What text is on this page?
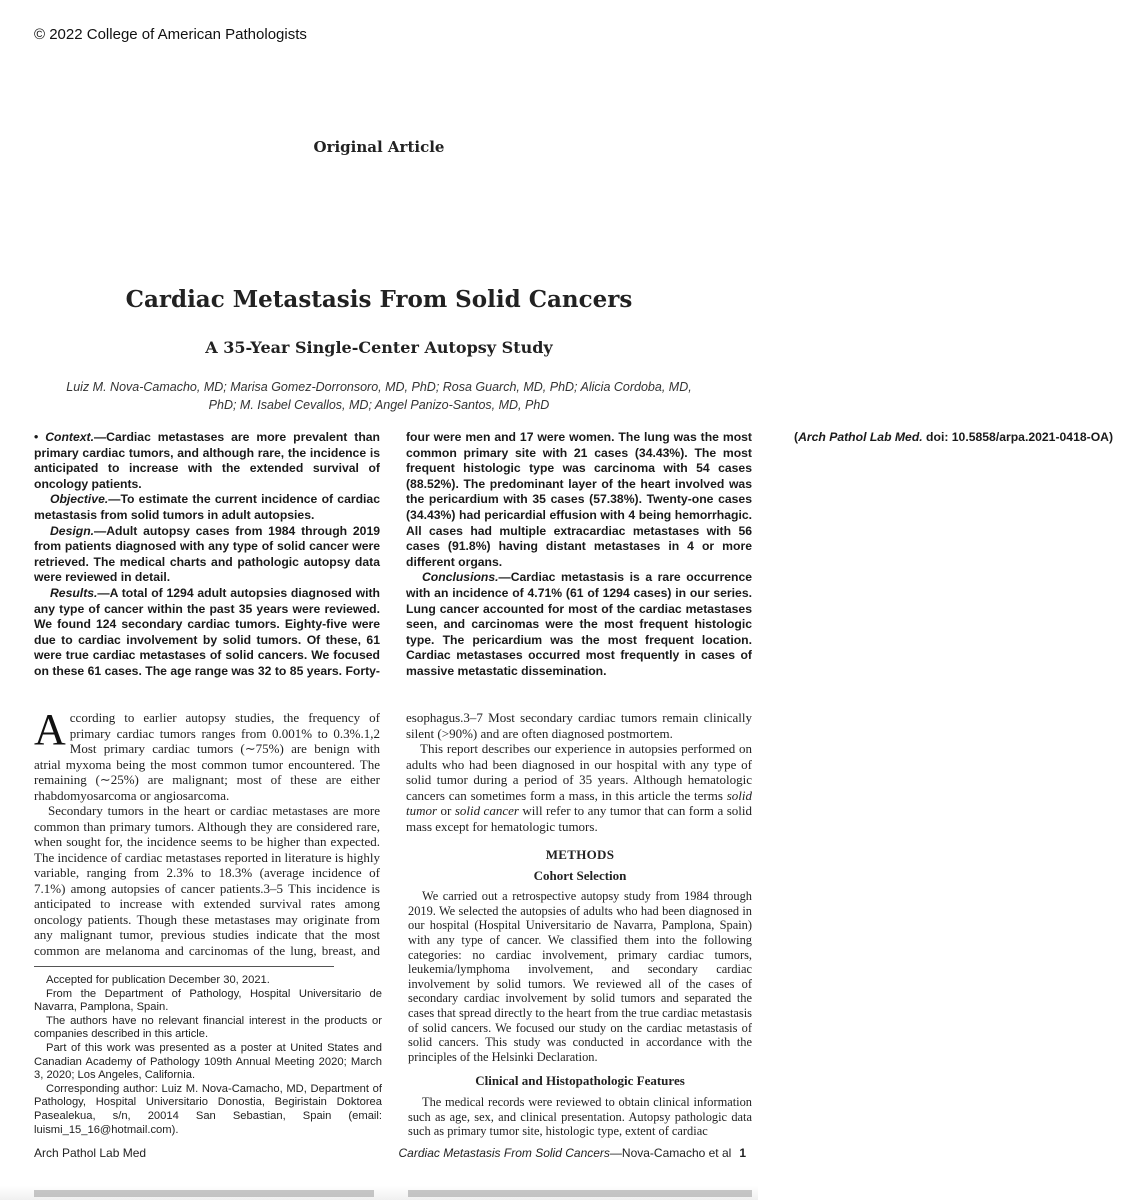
© 2022 College of American Pathologists
Original Article
Cardiac Metastasis From Solid Cancers
A 35-Year Single-Center Autopsy Study
Luiz M. Nova-Camacho, MD; Marisa Gomez-Dorronsoro, MD, PhD; Rosa Guarch, MD, PhD; Alicia Cordoba, MD, PhD; M. Isabel Cevallos, MD; Angel Panizo-Santos, MD, PhD

• Context.—Cardiac metastases are more prevalent than primary cardiac tumors, and although rare, the incidence is anticipated to increase with the extended survival of oncology patients.

Objective.—To estimate the current incidence of cardiac metastasis from solid tumors in adult autopsies.

Design.—Adult autopsy cases from 1984 through 2019 from patients diagnosed with any type of solid cancer were retrieved. The medical charts and pathologic autopsy data were reviewed in detail.

Results.—A total of 1294 adult autopsies diagnosed with any type of cancer within the past 35 years were reviewed. We found 124 secondary cardiac tumors. Eighty-five were due to cardiac involvement by solid tumors. Of these, 61 were true cardiac metastases of solid cancers. We focused on these 61 cases. The age range was 32 to 85 years. Forty-four were men and 17 were women. The lung was the most common primary site with 21 cases (34.43%). The most frequent histologic type was carcinoma with 54 cases (88.52%). The predominant layer of the heart involved was the pericardium with 35 cases (57.38%). Twenty-one cases (34.43%) had pericardial effusion with 4 being hemorrhagic. All cases had multiple extracardiac metastases with 56 cases (91.8%) having distant metastases in 4 or more different organs.

Conclusions.—Cardiac metastasis is a rare occurrence with an incidence of 4.71% (61 of 1294 cases) in our series. Lung cancer accounted for most of the cardiac metastases seen, and carcinomas were the most frequent histologic type. The pericardium was the most frequent location. Cardiac metastases occurred most frequently in cases of massive metastatic dissemination.

(Arch Pathol Lab Med. doi: 10.5858/arpa.2021-0418-OA)

According to earlier autopsy studies, the frequency of primary cardiac tumors ranges from 0.001% to 0.3%.1,2 Most primary cardiac tumors (∼75%) are benign with atrial myxoma being the most common tumor encountered. The remaining (∼25%) are malignant; most of these are either rhabdomyosarcoma or angiosarcoma.

Secondary tumors in the heart or cardiac metastases are more common than primary tumors. Although they are considered rare, when sought for, the incidence seems to be higher than expected. The incidence of cardiac metastases reported in literature is highly variable, ranging from 2.3% to 18.3% (average incidence of 7.1%) among autopsies of cancer patients.3–5 This incidence is anticipated to increase with extended survival rates among oncology patients. Though these metastases may originate from any malignant tumor, previous studies indicate that the most common are melanoma and carcinomas of the lung, breast, and esophagus.3–7 Most secondary cardiac tumors remain clinically silent (>90%) and are often diagnosed postmortem.

This report describes our experience in autopsies performed on adults who had been diagnosed in our hospital with any type of solid tumor during a period of 35 years. Although hematologic cancers can sometimes form a mass, in this article the terms solid tumor or solid cancer will refer to any tumor that can form a solid mass except for hematologic tumors.

Accepted for publication December 30, 2021.

From the Department of Pathology, Hospital Universitario de Navarra, Pamplona, Spain.

The authors have no relevant financial interest in the products or companies described in this article.

Part of this work was presented as a poster at United States and Canadian Academy of Pathology 109th Annual Meeting 2020; March 3, 2020; Los Angeles, California.

Corresponding author: Luiz M. Nova-Camacho, MD, Department of Pathology, Hospital Universitario Donostia, Begiristain Doktorea Pasealekua, s/n, 20014 San Sebastian, Spain (email: luismi_15_16@hotmail.com).

METHODS
Cohort Selection

We carried out a retrospective autopsy study from 1984 through 2019. We selected the autopsies of adults who had been diagnosed in our hospital (Hospital Universitario de Navarra, Pamplona, Spain) with any type of cancer. We classified them into the following categories: no cardiac involvement, primary cardiac tumors, leukemia/lymphoma involvement, and secondary cardiac involvement by solid tumors. We reviewed all of the cases of secondary cardiac involvement by solid tumors and separated the cases that spread directly to the heart from the true cardiac metastasis of solid cancers. We focused our study on the cardiac metastasis of solid cancers. This study was conducted in accordance with the principles of the Helsinki Declaration.

Clinical and Histopathologic Features

The medical records were reviewed to obtain clinical information such as age, sex, and clinical presentation. Autopsy pathologic data such as primary tumor site, histologic type, extent of cardiac

Arch Pathol Lab Med	Cardiac Metastasis From Solid Cancers—Nova-Camacho et al 1
